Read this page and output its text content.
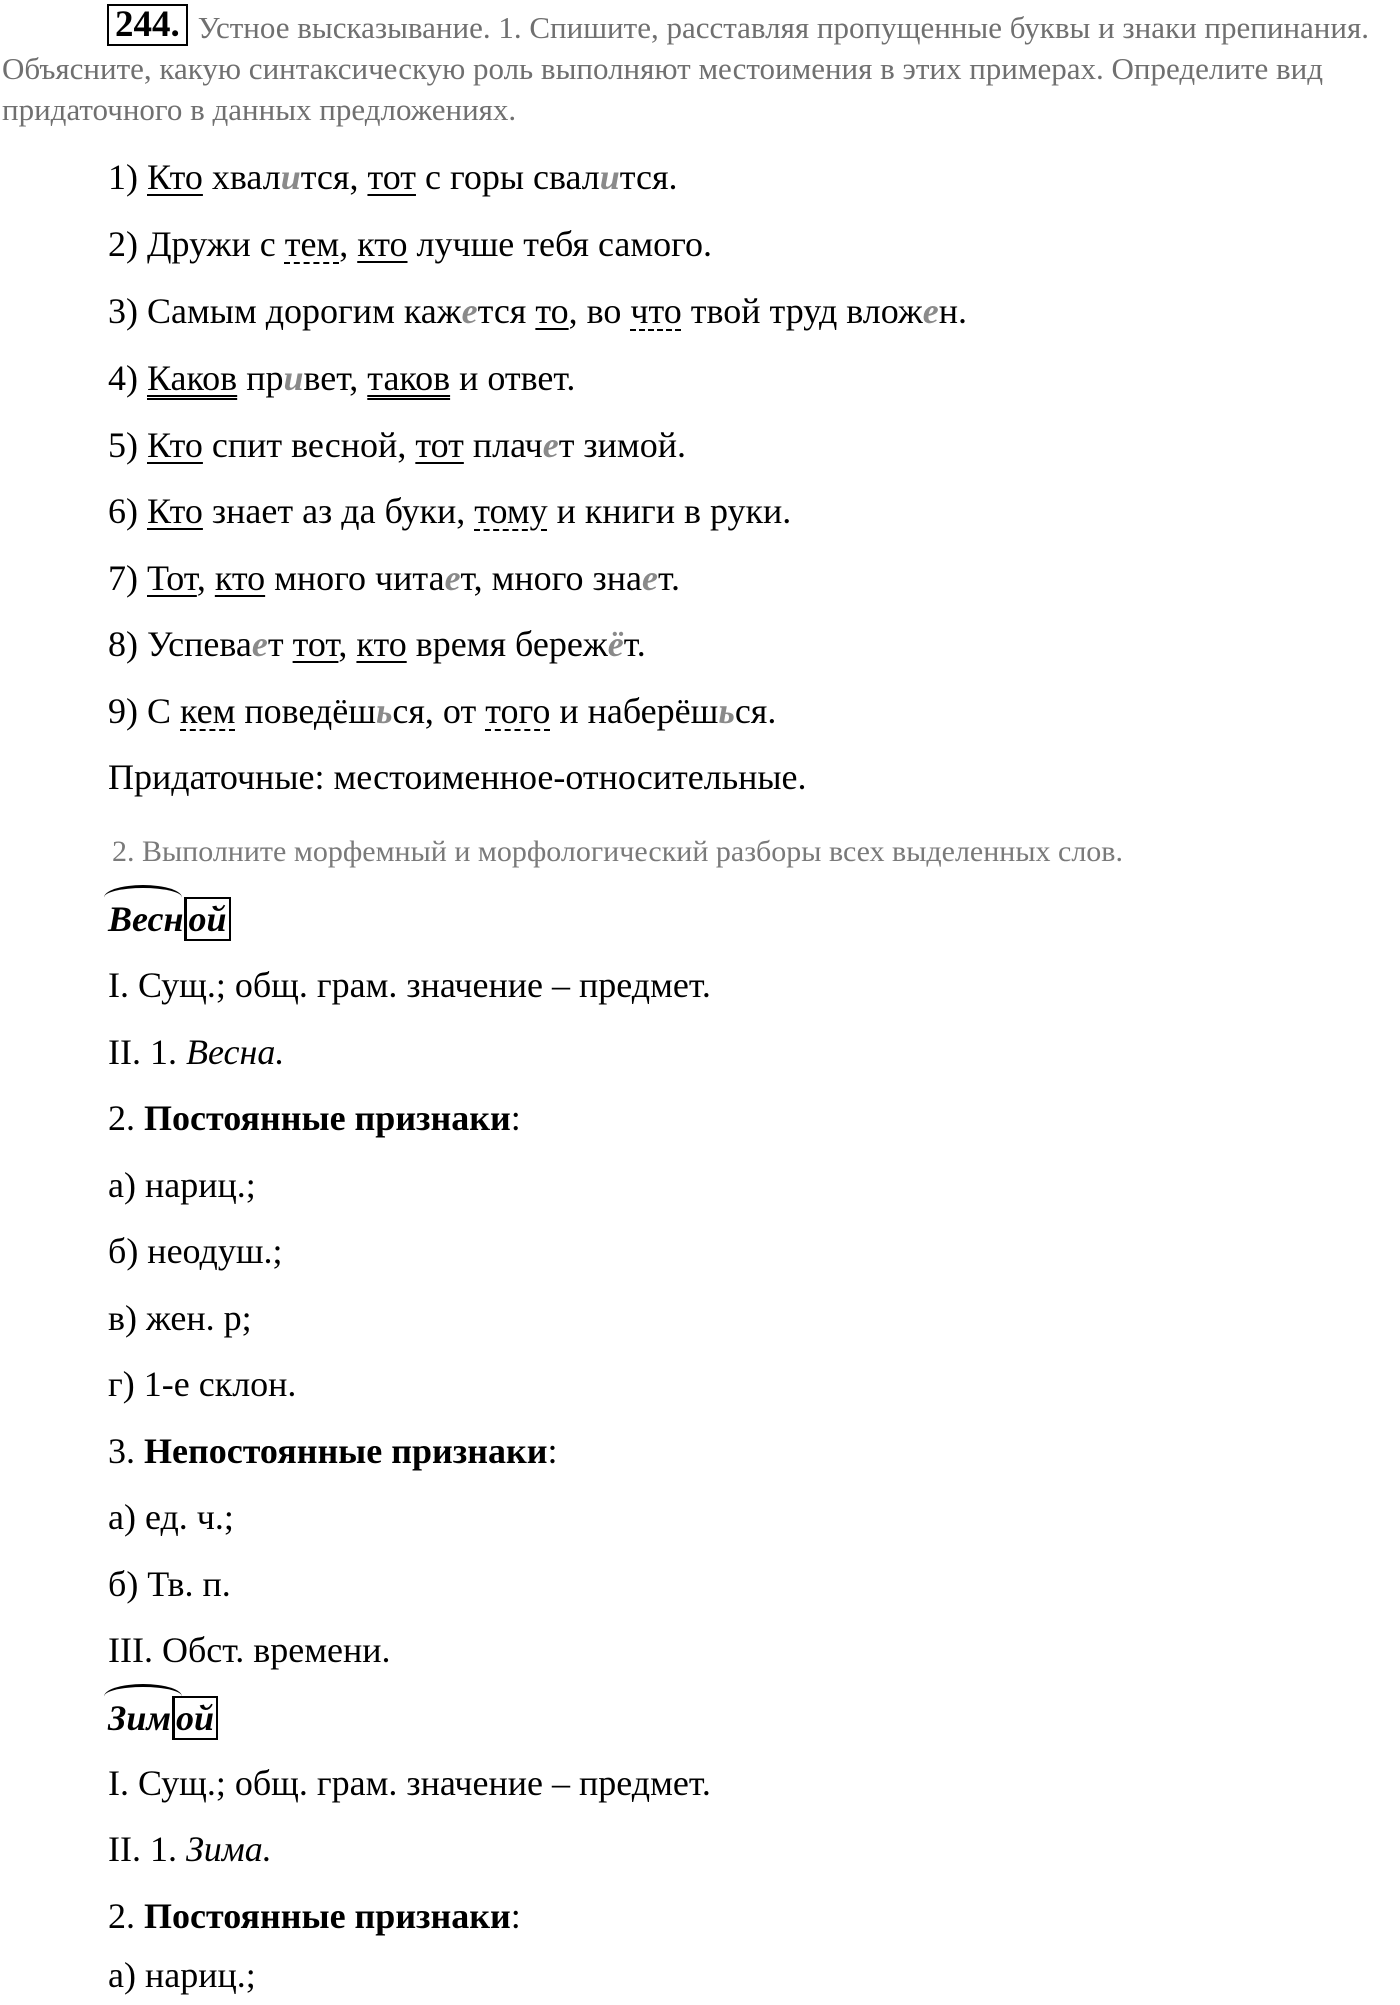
244. Устное высказывание. 1. Спишите, расставляя пропущенные буквы и знаки препинания. Объясните, какую синтаксическую роль выполняют местоимения в этих примерах. Определите вид придаточного в данных предложениях.
1) Кто хвалится, тот с горы свалится.
2) Дружи с тем, кто лучше тебя самого.
3) Самым дорогим кажется то, во что твой труд вложен.
4) Каков привет, таков и ответ.
5) Кто спит весной, тот плачет зимой.
6) Кто знает аз да буки, тому и книги в руки.
7) Тот, кто много читает, много знает.
8) Успевает тот, кто время бережёт.
9) С кем поведёшься, от того и наберёшься.
Придаточные: местоименное-относительные.
2. Выполните морфемный и морфологический разборы всех выделенных слов.
Весн ой
I. Сущ.; общ. грам. значение – предмет.
II. 1. Весна.
2. Постоянные признаки:
а) нариц.;
б) неодуш.;
в) жен. р;
г) 1-е склон.
3. Непостоянные признаки:
а) ед. ч.;
б) Тв. п.
III. Обст. времени.
Зим ой
I. Сущ.; общ. грам. значение – предмет.
II. 1. Зима.
2. Постоянные признаки:
а) нариц.;
